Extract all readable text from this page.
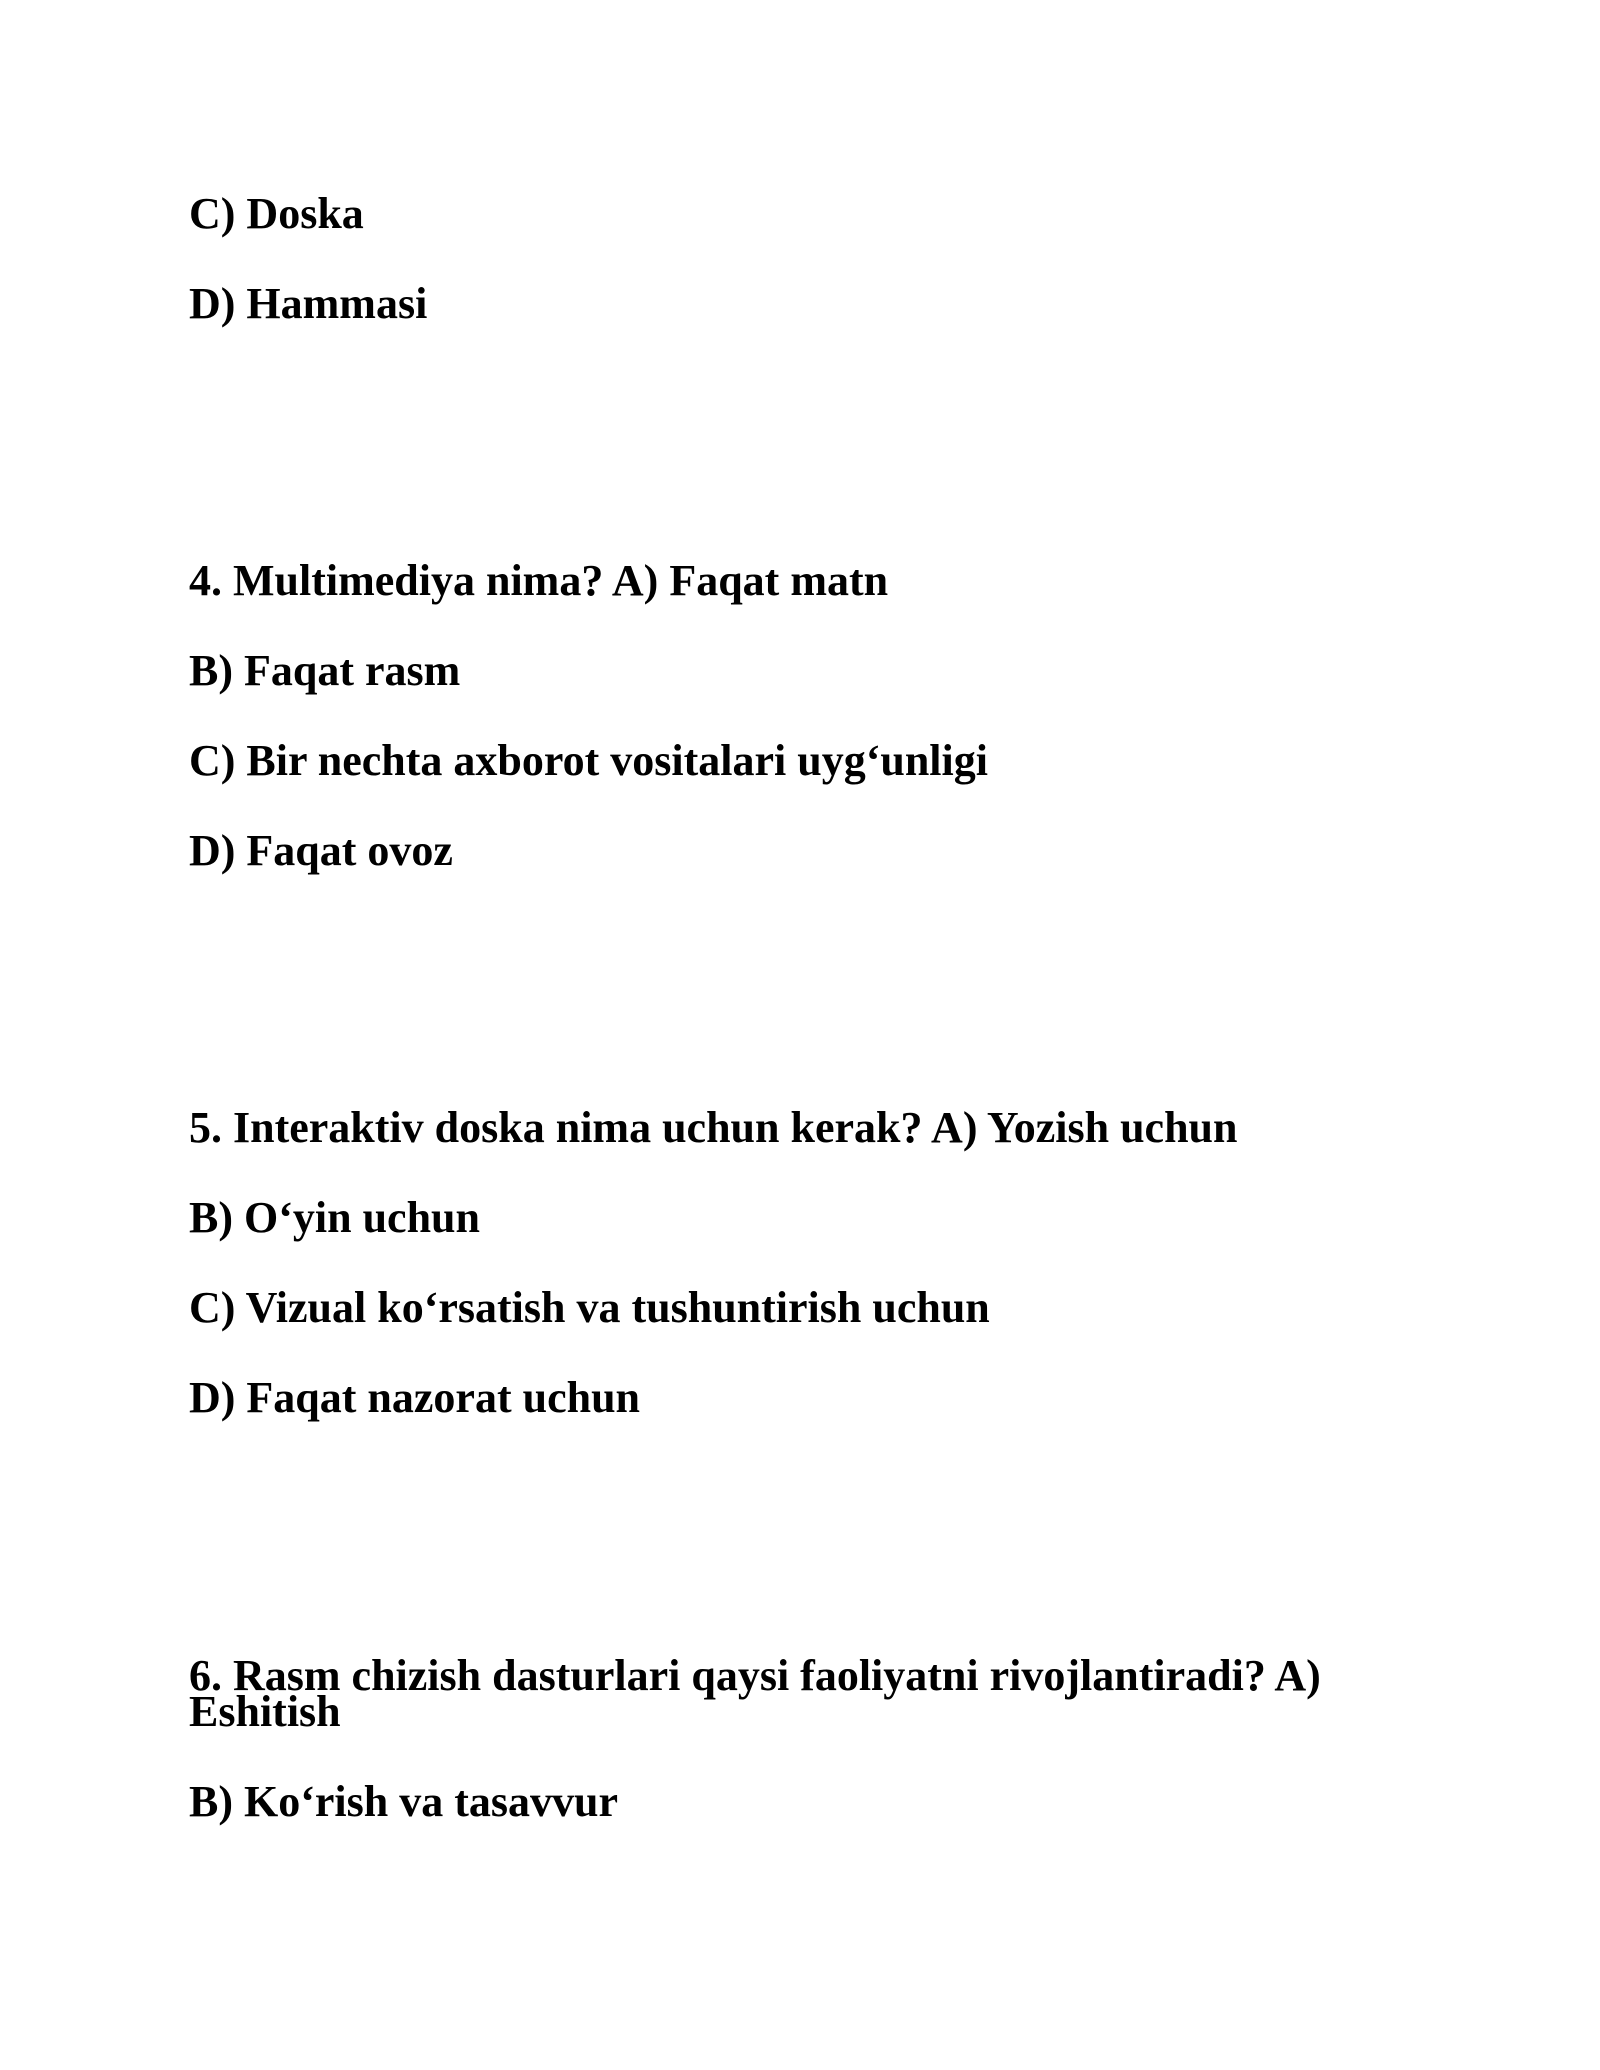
C) Doska
D) Hammasi
4. Multimediya nima? A) Faqat matn
B) Faqat rasm
C) Bir nechta axborot vositalari uyg‘unligi
D) Faqat ovoz
5. Interaktiv doska nima uchun kerak? A) Yozish uchun
B) O‘yin uchun
C) Vizual ko‘rsatish va tushuntirish uchun
D) Faqat nazorat uchun
6. Rasm chizish dasturlari qaysi faoliyatni rivojlantiradi? A) Eshitish
B) Ko‘rish va tasavvur
